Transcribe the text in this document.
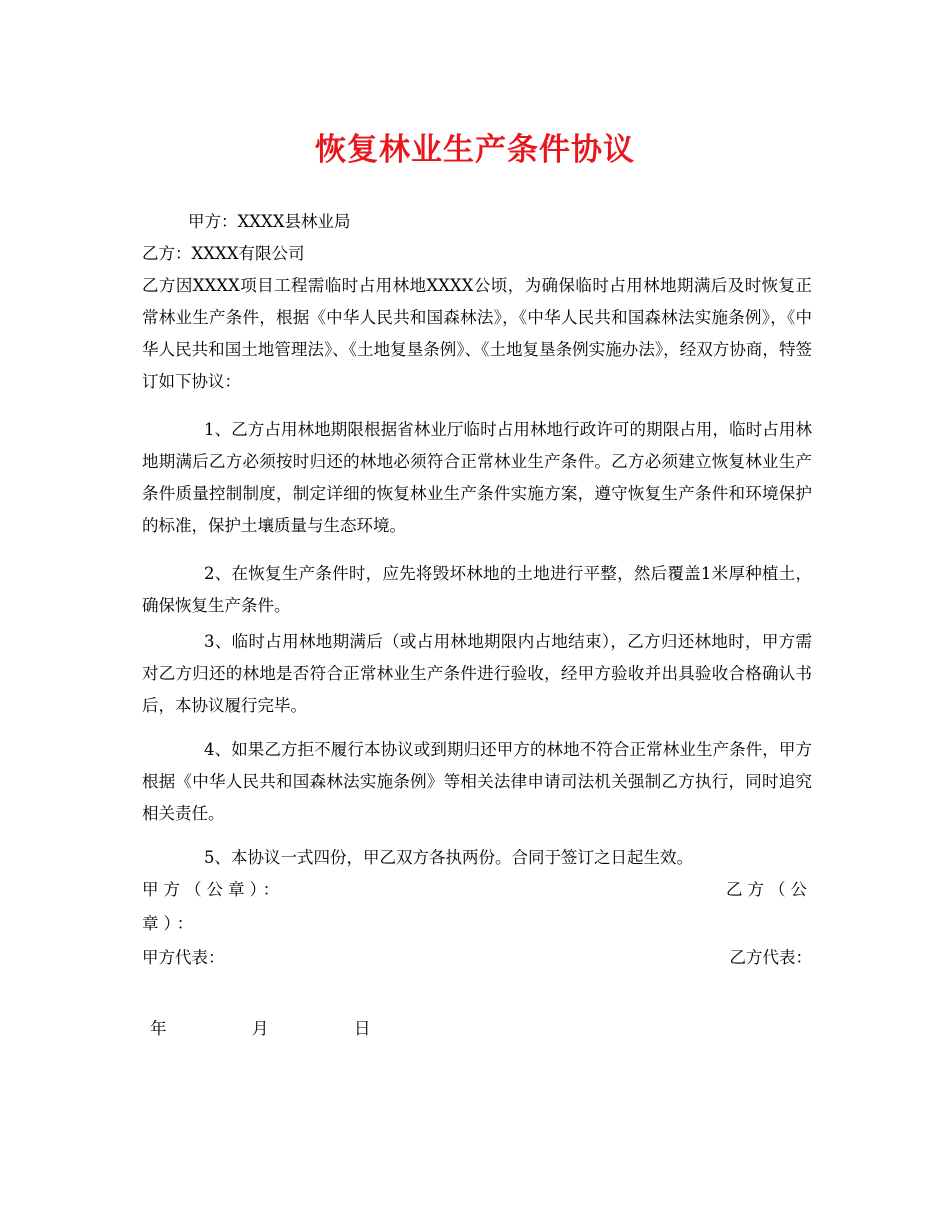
恢复林业生产条件协议

甲方：XXXX县林业局

乙方：XXXX有限公司

乙方因XXXX项目工程需临时占用林地XXXX公顷，为确保临时占用林地期满后及时恢复正常林业生产条件，根据《中华人民共和国森林法》，《中华人民共和国森林法实施条例》，《中华人民共和国土地管理法》、《土地复垦条例》、《土地复垦条例实施办法》，经双方协商，特签订如下协议：

1、乙方占用林地期限根据省林业厅临时占用林地行政许可的期限占用，临时占用林地期满后乙方必须按时归还的林地必须符合正常林业生产条件。乙方必须建立恢复林业生产条件质量控制制度，制定详细的恢复林业生产条件实施方案，遵守恢复生产条件和环境保护的标准，保护土壤质量与生态环境。

2、在恢复生产条件时，应先将毁坏林地的土地进行平整，然后覆盖1米厚种植土，确保恢复生产条件。

3、临时占用林地期满后（或占用林地期限内占地结束），乙方归还林地时，甲方需对乙方归还的林地是否符合正常林业生产条件进行验收，经甲方验收并出具验收合格确认书后，本协议履行完毕。

4、如果乙方拒不履行本协议或到期归还甲方的林地不符合正常林业生产条件，甲方根据《中华人民共和国森林法实施条例》等相关法律申请司法机关强制乙方执行，同时追究相关责任。

5、本协议一式四份，甲乙双方各执两份。合同于签订之日起生效。

甲方（公章）：	乙方（公
章）：
甲方代表：	乙方代表：
年	月	日
